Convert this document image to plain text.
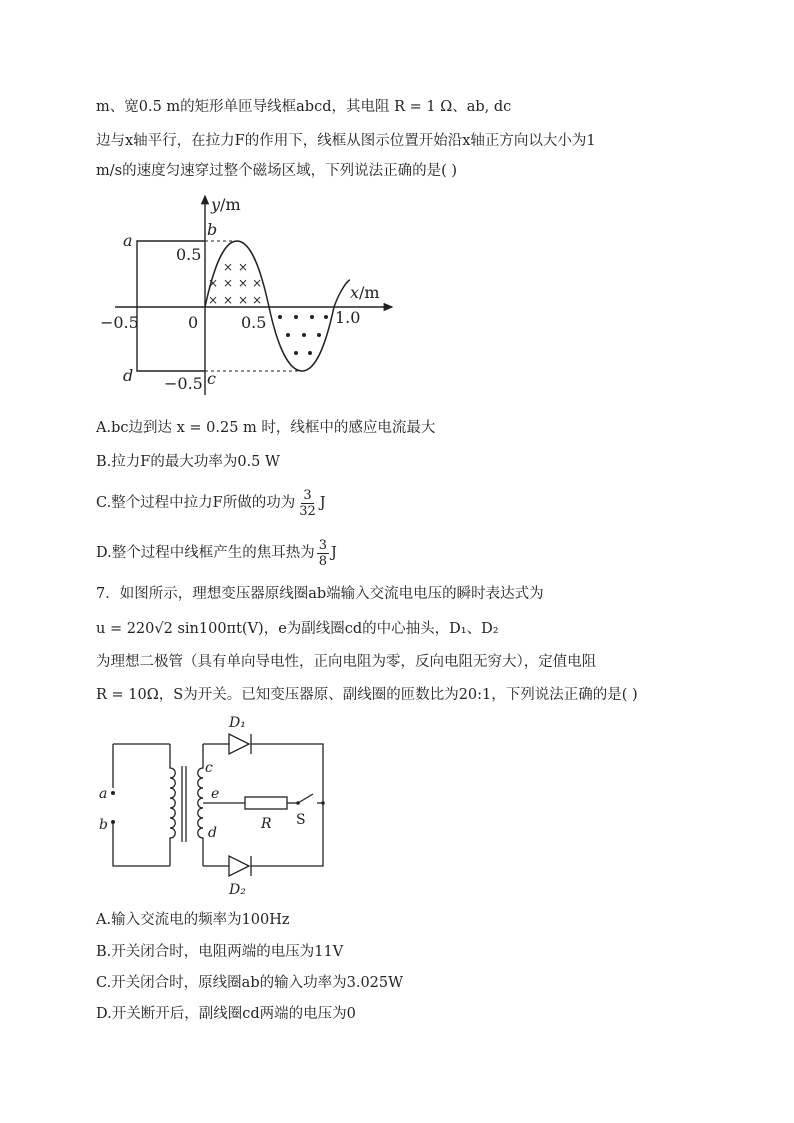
m、宽0.5 m的矩形单匝导线框abcd，其电阻 R = 1 Ω、ab, dc
边与x轴平行，在拉力F的作用下，线框从图示位置开始沿x轴正方向以大小为1
m/s的速度匀速穿过整个磁场区域，下列说法正确的是( )
× ×
× × × ×
× × × ×
y/m
x/m
a
b
c
d
0.5
−0.5
−0.5	0	0.5	1.0
A.bc边到达 x = 0.25 m 时，线框中的感应电流最大
B.拉力F的最大功率为0.5 W
C.整个过程中拉力F所做的功为 $\frac{3}{32}$ J
D.整个过程中线框产生的焦耳热为 $\frac{3}{8}$ J
7．如图所示，理想变压器原线圈ab端输入交流电电压的瞬时表达式为
u = 220√2 sin100πt(V)，e为副线圈cd的中心抽头，D₁、D₂
为理想二极管（具有单向导电性，正向电阻为零，反向电阻无穷大），定值电阻
R = 10Ω，S为开关。已知变压器原、副线圈的匝数比为20:1，下列说法正确的是( )
a
b
c
e
d
R S
D₁
D₂
A.输入交流电的频率为100Hz
B.开关闭合时，电阻两端的电压为11V
C.开关闭合时，原线圈ab的输入功率为3.025W
D.开关断开后，副线圈cd两端的电压为0
